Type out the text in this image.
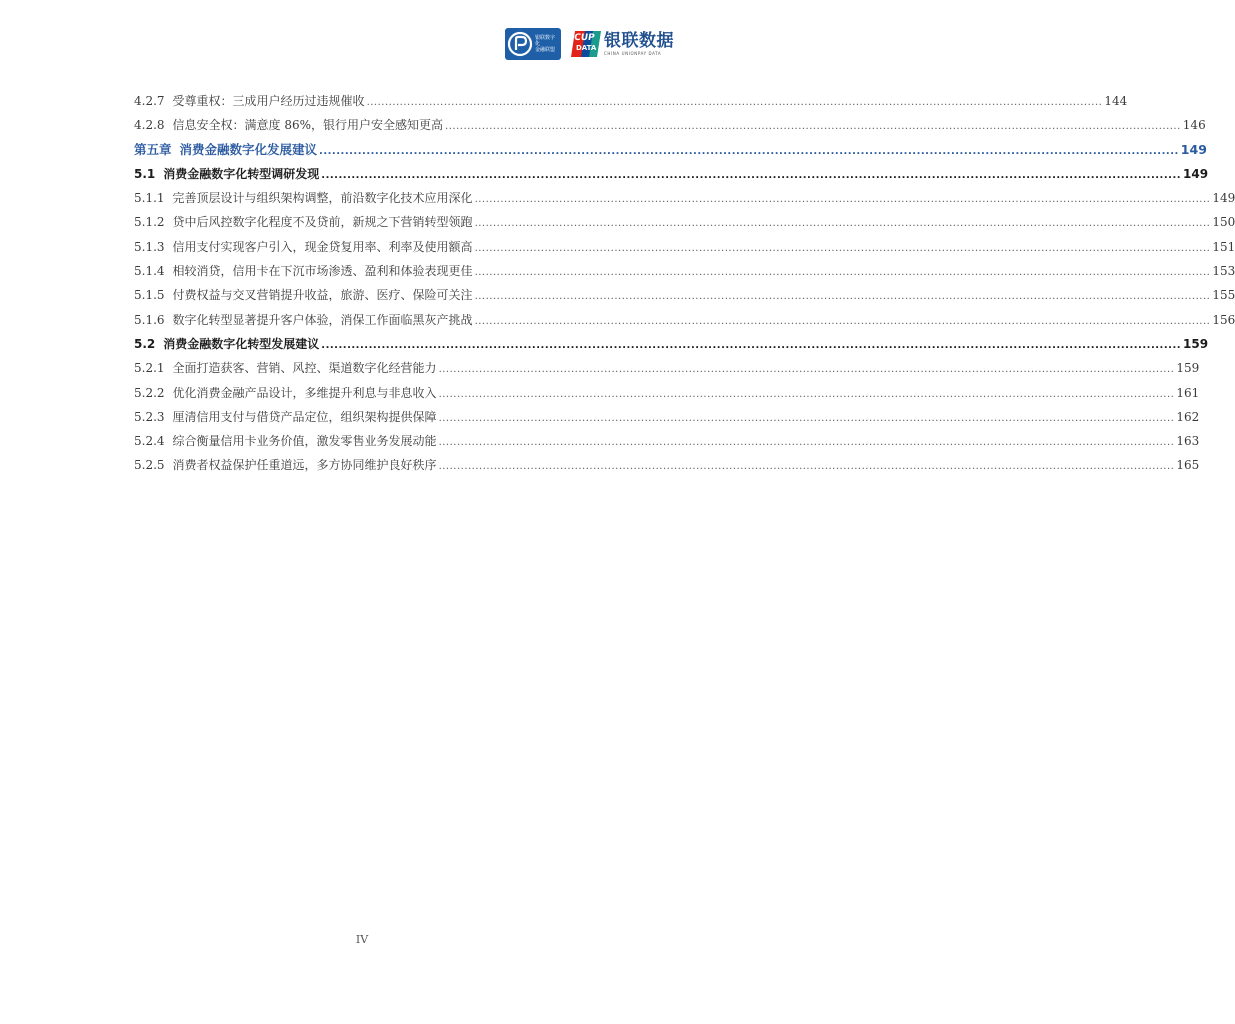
银联数字化
金融联盟
CUP
DATA 银联数据
CHINA UNIONPAY DATA
4.2.7 受尊重权：三成用户经历过违规催收 ........................................................................................................................................................................................................ 144
4.2.8 信息安全权：满意度 86%，银行用户安全感知更高 ........................................................................................................................................................................................................ 146
第五章 消费金融数字化发展建议 ........................................................................................................................................................................................................ 149
5.1 消费金融数字化转型调研发现 ........................................................................................................................................................................................................ 149
5.1.1 完善顶层设计与组织架构调整，前沿数字化技术应用深化 ........................................................................................................................................................................................................ 149
5.1.2 贷中后风控数字化程度不及贷前，新规之下营销转型领跑 ........................................................................................................................................................................................................ 150
5.1.3 信用支付实现客户引入，现金贷复用率、利率及使用额高 ........................................................................................................................................................................................................ 151
5.1.4 相较消贷，信用卡在下沉市场渗透、盈利和体验表现更佳 ........................................................................................................................................................................................................ 153
5.1.5 付费权益与交叉营销提升收益，旅游、医疗、保险可关注 ........................................................................................................................................................................................................ 155
5.1.6 数字化转型显著提升客户体验，消保工作面临黑灰产挑战 ........................................................................................................................................................................................................ 156
5.2 消费金融数字化转型发展建议 ........................................................................................................................................................................................................ 159
5.2.1 全面打造获客、营销、风控、渠道数字化经营能力 ........................................................................................................................................................................................................ 159
5.2.2 优化消费金融产品设计，多维提升利息与非息收入 ........................................................................................................................................................................................................ 161
5.2.3 厘清信用支付与借贷产品定位，组织架构提供保障 ........................................................................................................................................................................................................ 162
5.2.4 综合衡量信用卡业务价值，激发零售业务发展动能 ........................................................................................................................................................................................................ 163
5.2.5 消费者权益保护任重道远，多方协同维护良好秩序 ........................................................................................................................................................................................................ 165
IV
